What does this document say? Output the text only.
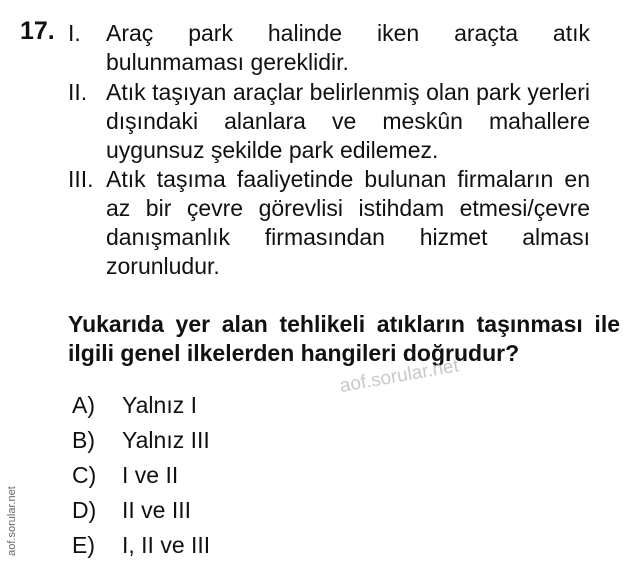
17. I. Araç park halinde iken araçta atık bulunmaması gereklidir.
II. Atık taşıyan araçlar belirlenmiş olan park yerleri dışındaki alanlara ve meskûn mahallere uygunsuz şekilde park edilemez.
III. Atık taşıma faaliyetinde bulunan firmaların en az bir çevre görevlisi istihdam etmesi/çevre danışmanlık firmasından hizmet alması zorunludur.
Yukarıda yer alan tehlikeli atıkların taşınması ile ilgili genel ilkelerden hangileri doğrudur?
aof.sorular.net
A) Yalnız I
B) Yalnız III
C) I ve II
D) II ve III
E) I, II ve III
aof.sorular.net
